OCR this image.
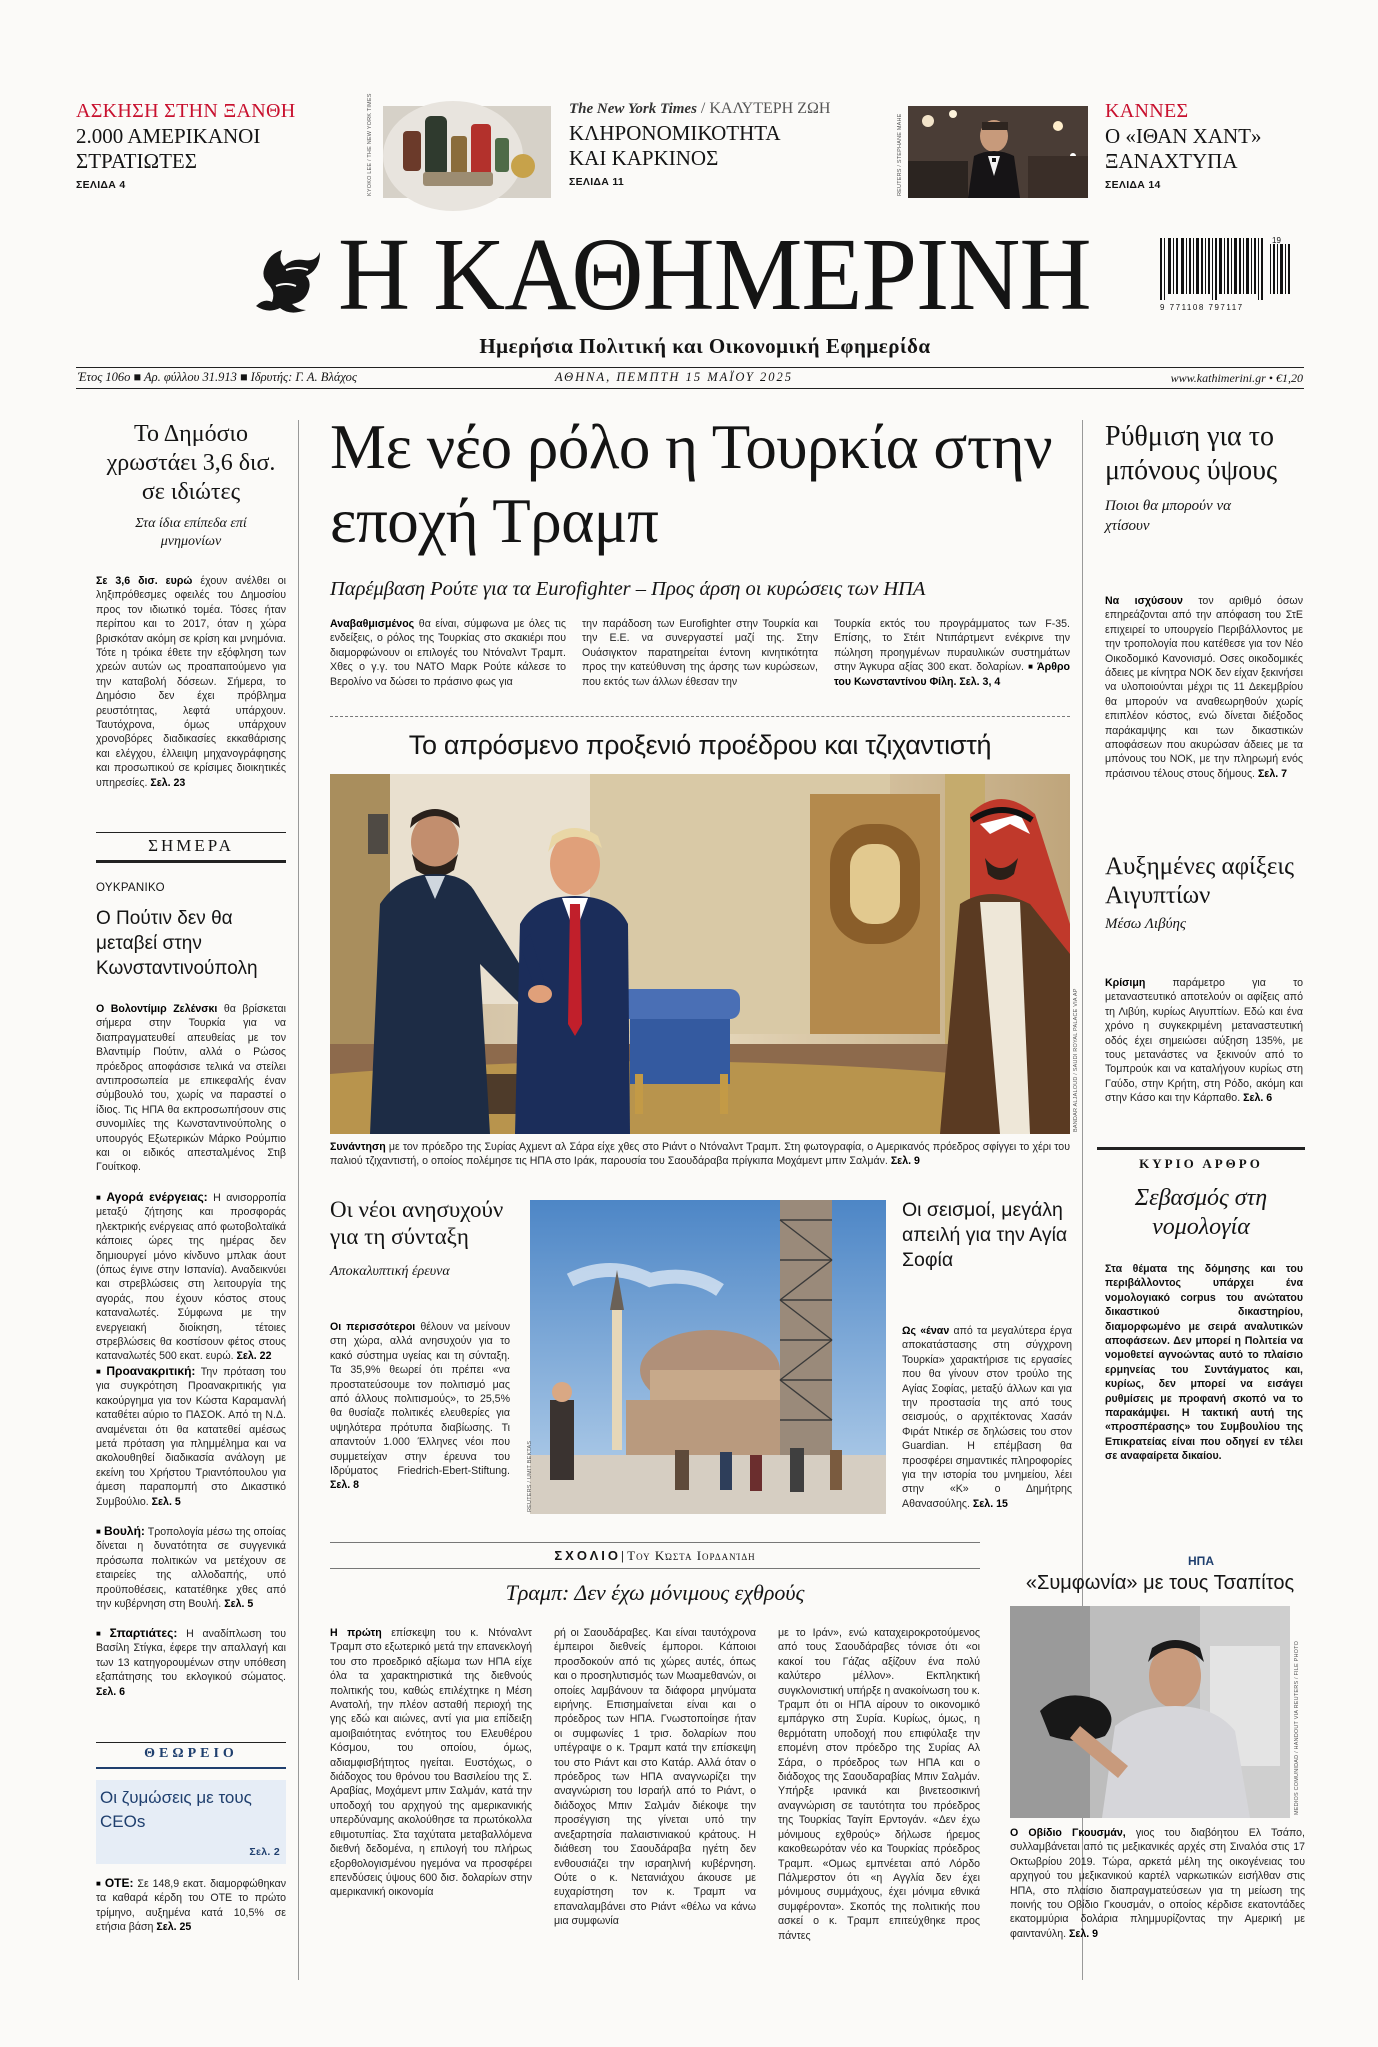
ΑΣΚΗΣΗ ΣΤΗΝ ΞΑΝΘΗ
2.000 ΑΜΕΡΙΚΑΝΟΙ ΣΤΡΑΤΙΩΤΕΣ
ΣΕΛΙΔΑ 4	KYOKO LEE / THE NEW YORK TIMES	The New York Times / ΚΑΛΥΤΕΡΗ ΖΩΗ
ΚΛΗΡΟΝΟΜΙΚΟΤΗΤΑ ΚΑΙ ΚΑΡΚΙΝΟΣ
ΣΕΛΙΔΑ 11	REUTERS / STEPHANE MAHE
ΚΑΝΝΕΣ
Ο «ΙΘΑΝ ΧΑΝΤ» ΞΑΝΑΧΤΥΠΑ
ΣΕΛΙΔΑ 14
Η ΚΑΘΗΜΕΡΙΝΗ
Ημερήσια Πολιτική και Οικονομική Εφημερίδα
9 771108 797117
19
Έτος 106ο ■ Αρ. φύλλου 31.913 ■ Ιδρυτής: Γ. Α. Βλάχος	ΑΘΗΝΑ, ΠΕΜΠΤΗ 15 ΜΑΪΟΥ 2025	www.kathimerini.gr • €1,20
Το Δημόσιο χρωστάει 3,6 δισ. σε ιδιώτες
Στα ίδια επίπεδα επί μνημονίων
Σε 3,6 δισ. ευρώ έχουν ανέλθει οι ληξιπρόθεσμες οφειλές του Δημοσίου προς τον ιδιωτικό τομέα. Τόσες ήταν περίπου και το 2017, όταν η χώρα βρισκόταν ακόμη σε κρίση και μνημόνια. Τότε η τρόικα έθετε την εξόφληση των χρεών αυτών ως προαπαιτούμενο για την καταβολή δόσεων. Σήμερα, το Δημόσιο δεν έχει πρόβλημα ρευστότητας, λεφτά υπάρχουν. Ταυτόχρονα, όμως υπάρχουν χρονοβόρες διαδικασίες εκκαθάρισης και ελέγχου, έλλειψη μηχανογράφησης και προσωπικού σε κρίσιμες διοικητικές υπηρεσίες. Σελ. 23
ΣΗΜΕΡΑ
ΟΥΚΡΑΝΙΚΟ
Ο Πούτιν δεν θα μεταβεί στην Κωνσταντινούπολη
Ο Βολοντίμιρ Ζελένσκι θα βρίσκεται σήμερα στην Τουρκία για να διαπραγματευθεί απευθείας με τον Βλαντιμίρ Πούτιν, αλλά ο Ρώσος πρόεδρος αποφάσισε τελικά να στείλει αντιπροσωπεία με επικεφαλής έναν σύμβουλό του, χωρίς να παραστεί ο ίδιος. Τις ΗΠΑ θα εκπροσωπήσουν στις συνομιλίες της Κωνσταντινούπολης ο υπουργός Εξωτερικών Μάρκο Ρούμπιο και οι ειδικός απεσταλμένος Στιβ Γουίτκοφ.
■ Αγορά ενέργειας: Η ανισορροπία μεταξύ ζήτησης και προσφοράς ηλεκτρικής ενέργειας από φωτοβολταϊκά κάποιες ώρες της ημέρας δεν δημιουργεί μόνο κίνδυνο μπλακ άουτ (όπως έγινε στην Ισπανία). Αναδεικνύει και στρεβλώσεις στη λειτουργία της αγοράς, που έχουν κόστος στους καταναλωτές. Σύμφωνα με την ενεργειακή διοίκηση, τέτοιες στρεβλώσεις θα κοστίσουν φέτος στους καταναλωτές 500 εκατ. ευρώ. Σελ. 22
■ Προανακριτική: Την πρόταση του για συγκρότηση Προανακριτικής για κακούργημα για τον Κώστα Καραμανλή καταθέτει αύριο το ΠΑΣΟΚ. Από τη Ν.Δ. αναμένεται ότι θα κατατεθεί αμέσως μετά πρόταση για πλημμέλημα και να ακολουθηθεί διαδικασία ανάλογη με εκείνη του Χρήστου Τριαντόπουλου για άμεση παραπομπή στο Δικαστικό Συμβούλιο. Σελ. 5
■ Βουλή: Τροπολογία μέσω της οποίας δίνεται η δυνατότητα σε συγγενικά πρόσωπα πολιτικών να μετέχουν σε εταιρείες της αλλοδαπής, υπό προϋποθέσεις, κατατέθηκε χθες από την κυβέρνηση στη Βουλή. Σελ. 5
■ Σπαρτιάτες: Η αναδίπλωση του Βασίλη Στίγκα, έφερε την απαλλαγή και των 13 κατηγορουμένων στην υπόθεση εξαπάτησης του εκλογικού σώματος. Σελ. 6
ΘΕΩΡΕΙΟ
Οι ζυμώσεις με τους CEOs
Σελ. 2
■ ΟΤΕ: Σε 148,9 εκατ. διαμορφώθηκαν τα καθαρά κέρδη του ΟΤΕ το πρώτο τρίμηνο, αυξημένα κατά 10,5% σε ετήσια βάση Σελ. 25
Με νέο ρόλο η Τουρκία στην εποχή Τραμπ
Παρέμβαση Ρούτε για τα Eurofighter – Προς άρση οι κυρώσεις των ΗΠΑ
Αναβαθμισμένος θα είναι, σύμφωνα με όλες τις ενδείξεις, ο ρόλος της Τουρκίας στο σκακιέρι που διαμορφώνουν οι επιλογές του Ντόναλντ Τραμπ. Χθες ο γ.γ. του ΝΑΤΟ Μαρκ Ρούτε κάλεσε το Βερολίνο να δώσει το πράσινο φως για
την παράδοση των Eurofighter στην Τουρκία και την Ε.Ε. να συνεργαστεί μαζί της. Στην Ουάσιγκτον παρατηρείται έντονη κινητικότητα προς την κατεύθυνση της άρσης των κυρώσεων, που εκτός των άλλων έθεσαν την
Τουρκία εκτός του προγράμματος των F-35. Επίσης, το Στέιτ Ντιπάρτμεντ ενέκρινε την πώληση προηγμένων πυραυλικών συστημάτων στην Άγκυρα αξίας 300 εκατ. δολαρίων. ■ Άρθρο του Κωνσταντίνου Φίλη. Σελ. 3, 4
Το απρόσμενο προξενιό προέδρου και τζιχαντιστή
BANDAR ALJALOUD / SAUDI ROYAL PALACE VIA AP
Συνάντηση με τον πρόεδρο της Συρίας Αχμεντ αλ Σάρα είχε χθες στο Ριάντ ο Ντόναλντ Τραμπ. Στη φωτογραφία, ο Αμερικανός πρόεδρος σφίγγει το χέρι του παλιού τζιχαντιστή, ο οποίος πολέμησε τις ΗΠΑ στο Ιράκ, παρουσία του Σαουδάραβα πρίγκιπα Μοχάμεντ μπιν Σαλμάν. Σελ. 9
Οι νέοι ανησυχούν για τη σύνταξη
Αποκαλυπτική έρευνα
Οι περισσότεροι θέλουν να μείνουν στη χώρα, αλλά ανησυχούν για το κακό σύστημα υγείας και τη σύνταξη. Τα 35,9% θεωρεί ότι πρέπει «να προστατεύσουμε τον πολιτισμό μας από άλλους πολιτισμούς», το 25,5% θα θυσίαζε πολιτικές ελευθερίες για υψηλότερα πρότυπα διαβίωσης. Τι απαντούν 1.000 Έλληνες νέοι που συμμετείχαν στην έρευνα του Ιδρύματος Friedrich-Ebert-Stiftung. Σελ. 8	REUTERS / UMIT BEKTAS
Οι σεισμοί, μεγάλη απειλή για την Αγία Σοφία
Ως «έναν από τα μεγαλύτερα έργα αποκατάστασης στη σύγχρονη Τουρκία» χαρακτήρισε τις εργασίες που θα γίνουν στον τρούλο της Αγίας Σοφίας, μεταξύ άλλων και για την προστασία της από τους σεισμούς, ο αρχιτέκτονας Χασάν Φιράτ Ντικέρ σε δηλώσεις του στον Guardian. Η επέμβαση θα προσφέρει σημαντικές πληροφορίες για την ιστορία του μνημείου, λέει στην «Κ» ο Δημήτρης Αθανασούλης. Σελ. 15
ΣΧΟΛΙΟ| Του Κώστα Ιορδανίδη
Τραμπ: Δεν έχω μόνιμους εχθρούς
Η πρώτη επίσκεψη του κ. Ντόναλντ Τραμπ στο εξωτερικό μετά την επανεκλογή του στο προεδρικό αξίωμα των ΗΠΑ είχε όλα τα χαρακτηριστικά της διεθνούς πολιτικής του, καθώς επιλέχτηκε η Μέση Ανατολή, την πλέον ασταθή περιοχή της γης εδώ και αιώνες, αντί για μια επίδειξη αμοιβαιότητας ενότητος του Ελευθέρου Κόσμου, του οποίου, όμως, αδιαμφισβήτητος ηγείται. Ευστόχως, ο διάδοχος του θρόνου του Βασιλείου της Σ. Αραβίας, Μοχάμεντ μπιν Σαλμάν, κατά την υποδοχή του αρχηγού της αμερικανικής υπερδύναμης ακολούθησε τα πρωτόκολλα εθιμοτυπίας. Στα ταχύτατα μεταβαλλόμενα διεθνή δεδομένα, η επιλογή του πλήρως εξορθολογισμένου ηγεμόνα να προσφέρει επενδύσεις ύψους 600 δισ. δολαρίων στην αμερικανική οικονομία
ρή οι Σαουδάραβες. Και είναι ταυτόχρονα έμπειροι διεθνείς έμποροι. Κάποιοι προσδοκούν από τις χώρες αυτές, όπως και ο προσηλυτισμός των Μωαμεθανών, οι οποίες λαμβάνουν τα διάφορα μηνύματα ειρήνης. Επισημαίνεται είναι και ο πρόεδρος των ΗΠΑ. Γνωστοποίησε ήταν οι συμφωνίες 1 τρισ. δολαρίων που υπέγραψε ο κ. Τραμπ κατά την επίσκεψη του στο Ριάντ και στο Κατάρ. Αλλά όταν ο πρόεδρος των ΗΠΑ αναγνωρίζει την αναγνώριση του Ισραήλ από το Ριάντ, ο διάδοχος Μπιν Σαλμάν διέκοψε την προσέγγιση της γίνεται υπό την ανεξαρτησία παλαιστινιακού κράτους. Η διάθεση του Σαουδάραβα ηγέτη δεν ενθουσιάζει την ισραηλινή κυβέρνηση. Ούτε ο κ. Νετανιάχου άκουσε με ευχαρίστηση τον κ. Τραμπ να επαναλαμβάνει στο Ριάντ «θέλω να κάνω μια συμφωνία
με το Ιράν», ενώ καταχειροκροτούμενος από τους Σαουδάραβες τόνισε ότι «οι κακοί του Γάζας αξίζουν ένα πολύ καλύτερο μέλλον». Εκπληκτική συγκλονιστική υπήρξε η ανακοίνωση του κ. Τραμπ ότι οι ΗΠΑ αίρουν το οικονομικό εμπάργκο στη Συρία. Κυρίως, όμως, η θερμότατη υποδοχή που επιφύλαξε την επομένη στον πρόεδρο της Συρίας Αλ Σάρα, ο πρόεδρος των ΗΠΑ και ο διάδοχος της Σαουδαραβίας Μπιν Σαλμάν. Υπήρξε ιρανικά και βινετεοσικινή αναγνώριση σε ταυτότητα του πρόεδρος της Τουρκίας Ταγίπ Ερντογάν. «Δεν έχω μόνιμους εχθρούς» δήλωσε ήρεμος κακοθεωρόταν νέο κα Τουρκίας πρόεδρος Τραμπ. «Ομως εμπνέεται από Λόρδο Πάλμερστον ότι «η Αγγλία δεν έχει μόνιμους συμμάχους, έχει μόνιμα εθνικά συμφέροντα». Σκοπός της πολιτικής που ασκεί ο κ. Τραμπ επιτεύχθηκε προς πάντες
Ρύθμιση για το μπόνους ύψους
Ποιοι θα μπορούν να χτίσουν
Να ισχύσουν τον αριθμό όσων επηρεάζονται από την απόφαση του ΣτΕ επιχειρεί το υπουργείο Περιβάλλοντος με την τροπολογία που κατέθεσε για τον Νέο Οικοδομικό Κανονισμό. Οσες οικοδομικές άδειες με κίνητρα ΝΟΚ δεν είχαν ξεκινήσει να υλοποιούνται μέχρι τις 11 Δεκεμβρίου θα μπορούν να αναθεωρηθούν χωρίς επιπλέον κόστος, ενώ δίνεται διέξοδος παράκαμψης και των δικαστικών αποφάσεων που ακυρώσαν άδειες με τα μπόνους του ΝΟΚ, με την πληρωμή ενός πράσινου τέλους στους δήμους. Σελ. 7
Αυξημένες αφίξεις Αιγυπτίων
Μέσω Λιβύης
Κρίσιμη	παράμετρο για το μεταναστευτικό αποτελούν οι αφίξεις από τη Λιβύη, κυρίως Αιγυπτίων. Εδώ και ένα χρόνο η συγκεκριμένη μεταναστευτική οδός έχει σημειώσει αύξηση 135%, με τους μετανάστες να ξεκινούν από το Τομπρούκ και να καταλήγουν κυρίως στη Γαύδο, στην Κρήτη, στη Ρόδο, ακόμη και στην Κάσο και την Κάρπαθο. Σελ. 6
ΚΥΡΙΟ ΑΡΘΡΟ
Σεβασμός στη νομολογία
Στα θέματα της δόμησης και του περιβάλλοντος υπάρχει ένα νομολογιακό corpus του ανώτατου δικαστικού δικαστηρίου, διαμορφωμένο με σειρά αναλυτικών αποφάσεων. Δεν μπορεί η Πολιτεία να νομοθετεί αγνοώντας αυτό το πλαίσιο ερμηνείας του Συντάγματος και, κυρίως, δεν μπορεί να εισάγει ρυθμίσεις με προφανή σκοπό να το παρακάμψει. Η τακτική αυτή της «προσπέρασης» του Συμβουλίου της Επικρατείας είναι που οδηγεί εν τέλει σε αναφαίρετα δικαίου.
ΗΠΑ
«Συμφωνία» με τους Τσαπίτος
MEDIOS COMUNIDAD / HANDOUT VIA REUTERS / FILE PHOTO
Ο Οβίδιο Γκουσμάν, γιος του διαβόητου Ελ Τσάπο, συλλαμβάνεται από τις μεξικανικές αρχές στη Σιναλόα στις 17 Οκτωβρίου 2019. Τώρα, αρκετά μέλη της οικογένειας του αρχηγού του μεξικανικού καρτέλ ναρκωτικών εισήλθαν στις ΗΠΑ, στο πλαίσιο διαπραγματεύσεων για τη μείωση της ποινής του Οβίδιο Γκουσμάν, ο οποίος κέρδισε εκατοντάδες εκατομμύρια δολάρια πλημμυρίζοντας την Αμερική με φαιντανύλη. Σελ. 9
